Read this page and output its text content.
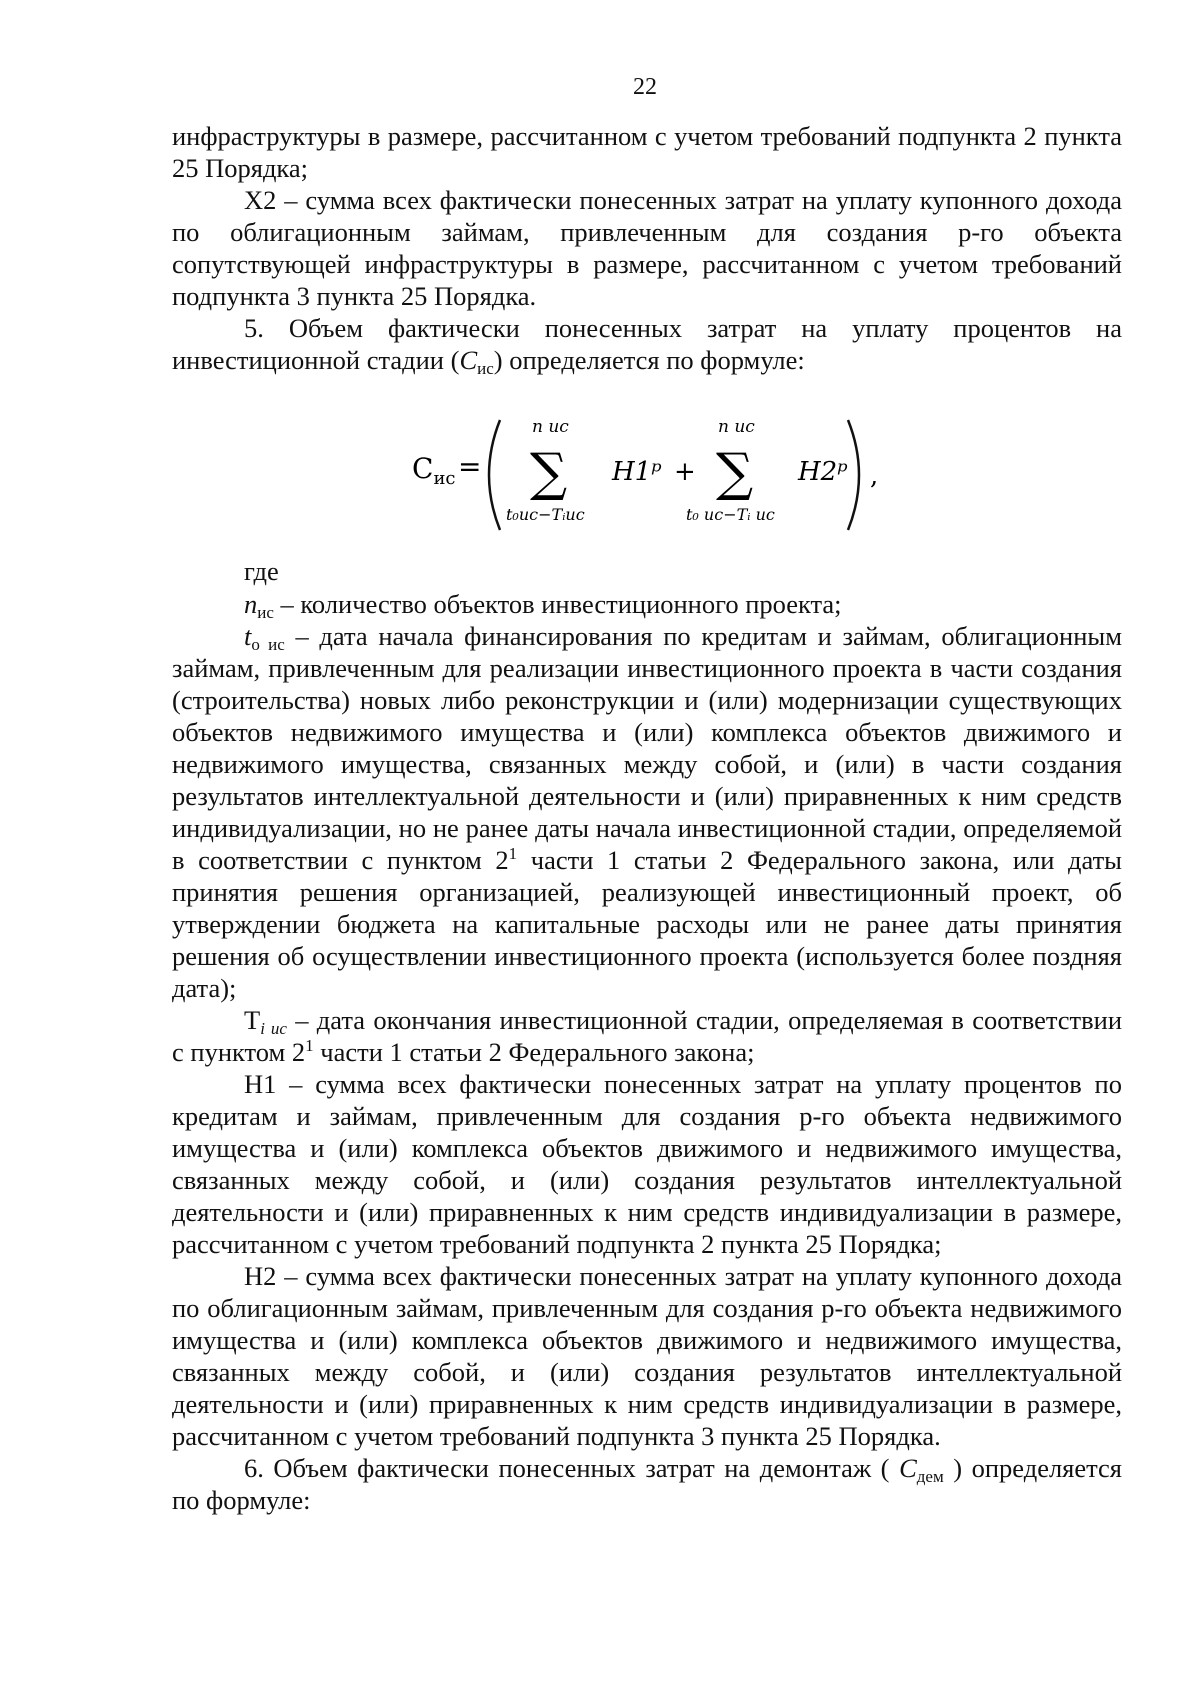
22

инфраструктуры в размере, рассчитанном с учетом требований подпункта 2 пункта 25 Порядка;

X2 – сумма всех фактически понесенных затрат на уплату купонного дохода по облигационным займам, привлеченным для создания р-го объекта сопутствующей инфраструктуры в размере, рассчитанном с учетом требований подпункта 3 пункта 25 Порядка.

5. Объем фактически понесенных затрат на уплату процентов на инвестиционной стадии $(C_{ис})$ определяется по формуле:

$С_{ис}$ =
n ис
∑
t₀ис−Tᵢис
H1ᵖ +
n ис
∑
t₀ ис−Tᵢ ис
H2ᵖ ,
где

$n_{ис}$ – количество объектов инвестиционного проекта;

$t_{о ис}$ – дата начала финансирования по кредитам и займам, облигационным займам, привлеченным для реализации инвестиционного проекта в части создания (строительства) новых либо реконструкции и (или) модернизации существующих объектов недвижимого имущества и (или) комплекса объектов движимого и недвижимого имущества, связанных между собой, и (или) в части создания результатов интеллектуальной деятельности и (или) приравненных к ним средств индивидуализации, но не ранее даты начала инвестиционной стадии, определяемой в соответствии с пунктом $2^1$ части 1 статьи 2 Федерального закона, или даты принятия решения организацией, реализующей инвестиционный проект, об утверждении бюджета на капитальные расходы или не ранее даты принятия решения об осуществлении инвестиционного проекта (используется более поздняя дата);

$Т_{i ис}$ – дата окончания инвестиционной стадии, определяемая в соответствии с пунктом $2^1$ части 1 статьи 2 Федерального закона;

Н1 – сумма всех фактически понесенных затрат на уплату процентов по кредитам и займам, привлеченным для создания р-го объекта недвижимого имущества и (или) комплекса объектов движимого и недвижимого имущества, связанных между собой, и (или) создания результатов интеллектуальной деятельности и (или) приравненных к ним средств индивидуализации в размере, рассчитанном с учетом требований подпункта 2 пункта 25 Порядка;

Н2 – сумма всех фактически понесенных затрат на уплату купонного дохода по облигационным займам, привлеченным для создания р-го объекта недвижимого имущества и (или) комплекса объектов движимого и недвижимого имущества, связанных между собой, и (или) создания результатов интеллектуальной деятельности и (или) приравненных к ним средств индивидуализации в размере, рассчитанном с учетом требований подпункта 3 пункта 25 Порядка.

6. Объем фактически понесенных затрат на демонтаж ( $C_{дем}$ ) определяется по формуле:
